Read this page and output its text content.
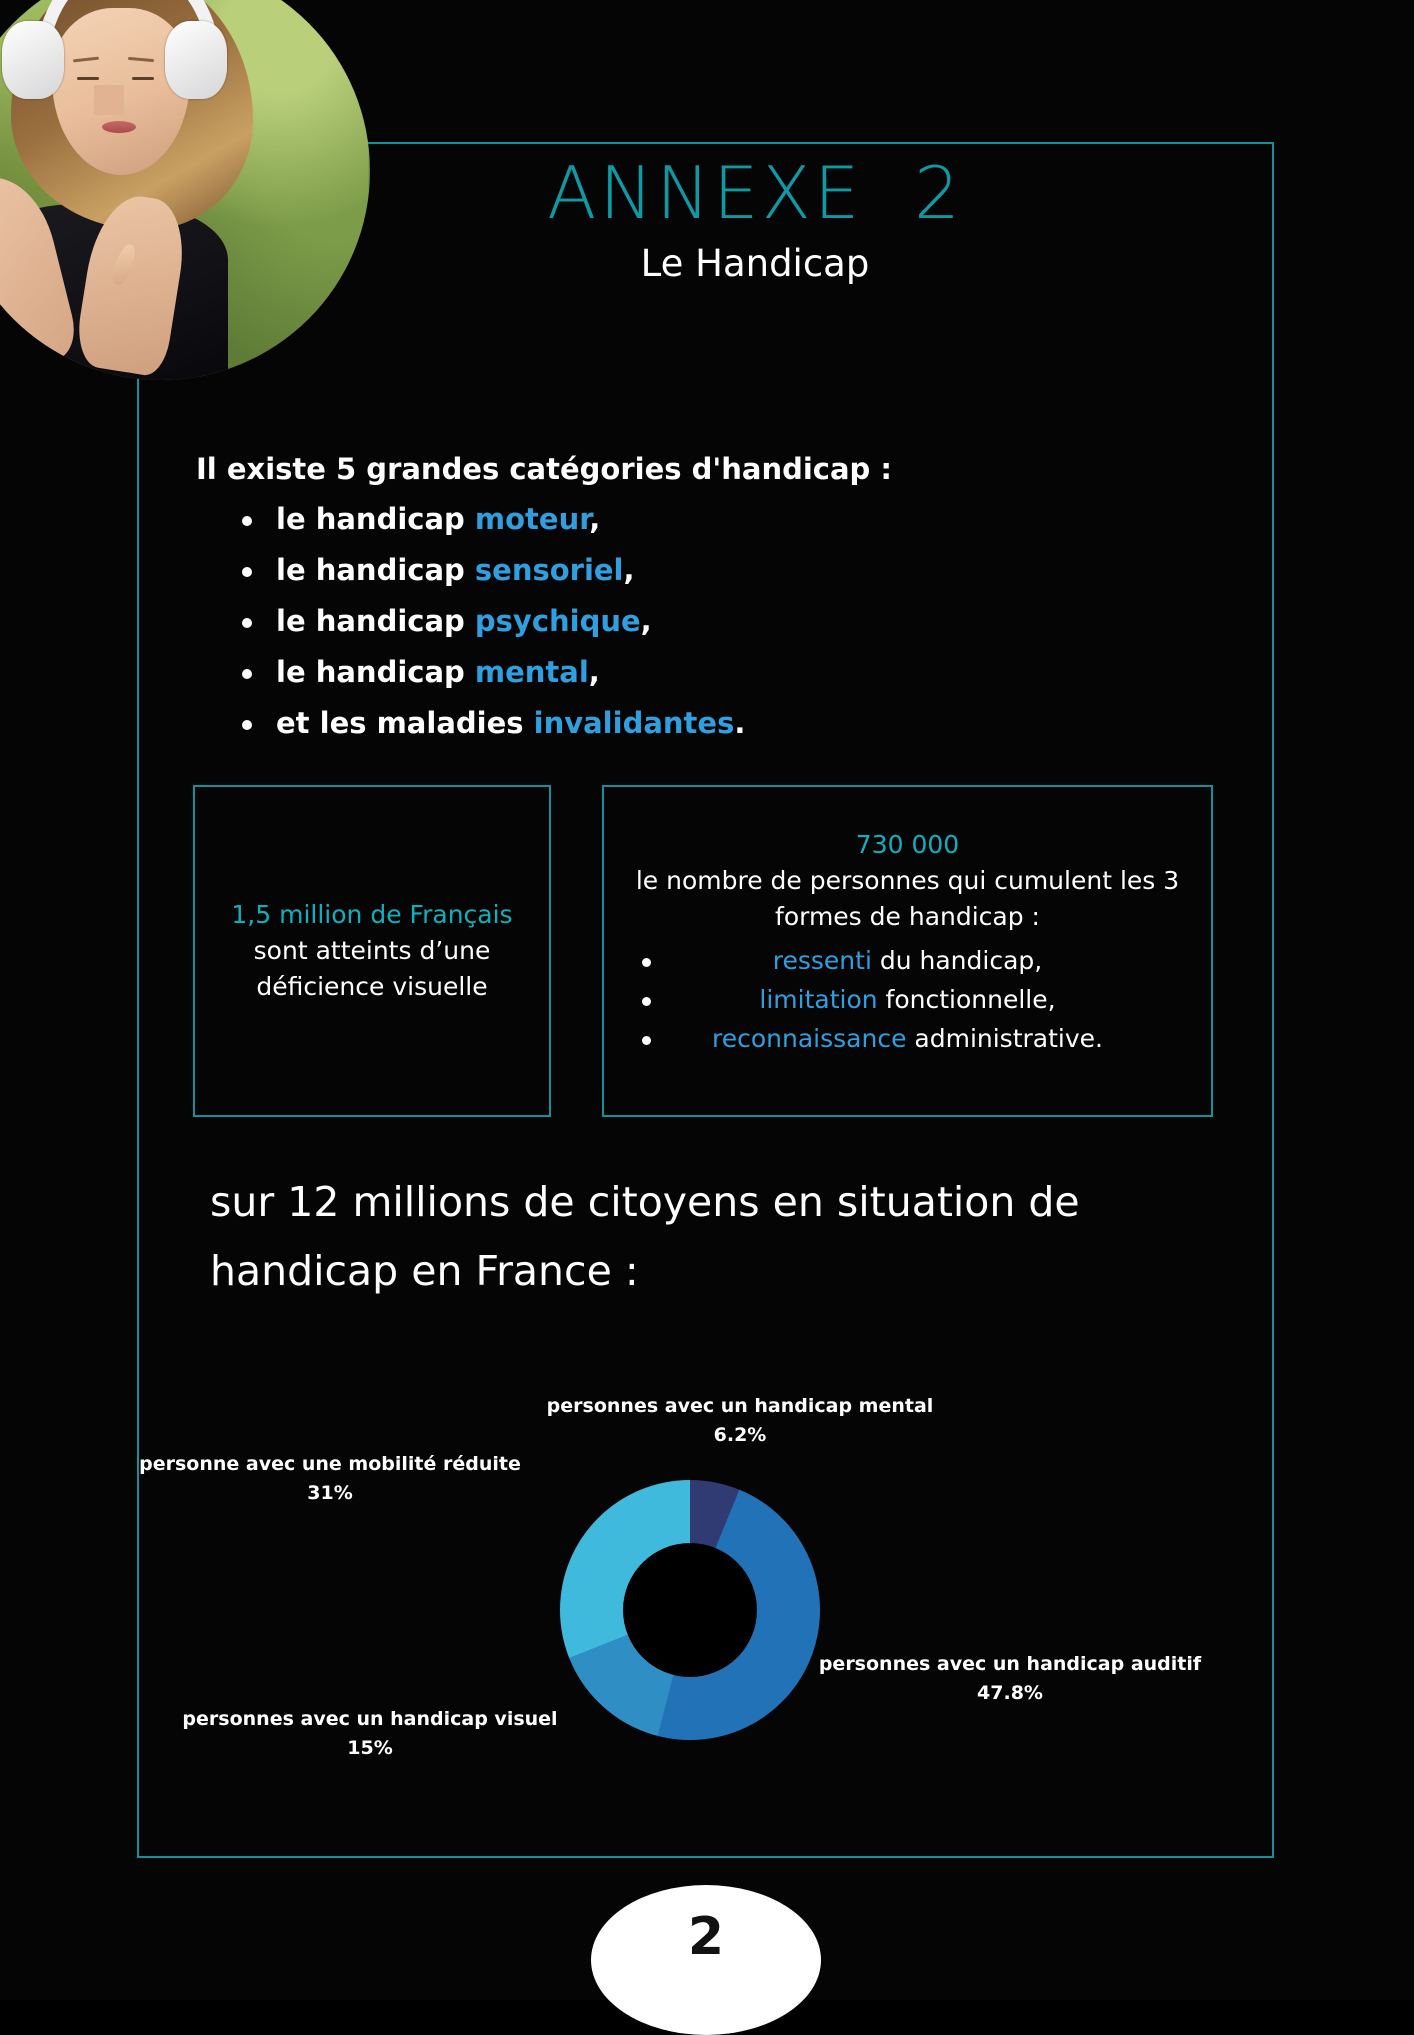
ANNEXE  2
Le Handicap
Il existe 5 grandes catégories d'handicap :
le handicap moteur,
le handicap sensoriel,
le handicap psychique,
le handicap mental,
et les maladies invalidantes.
1,5 million de Français
sont atteints d’une
déficience visuelle
730 000
le nombre de personnes qui cumulent les 3
formes de handicap :
ressenti du handicap,
limitation fonctionnelle,
reconnaissance administrative.
sur 12 millions de citoyens en situation de
handicap en France :
personnes avec un handicap mental
6.2%
personne avec une mobilité réduite
31%
personnes avec un handicap visuel
15%
personnes avec un handicap auditif
47.8%
2
